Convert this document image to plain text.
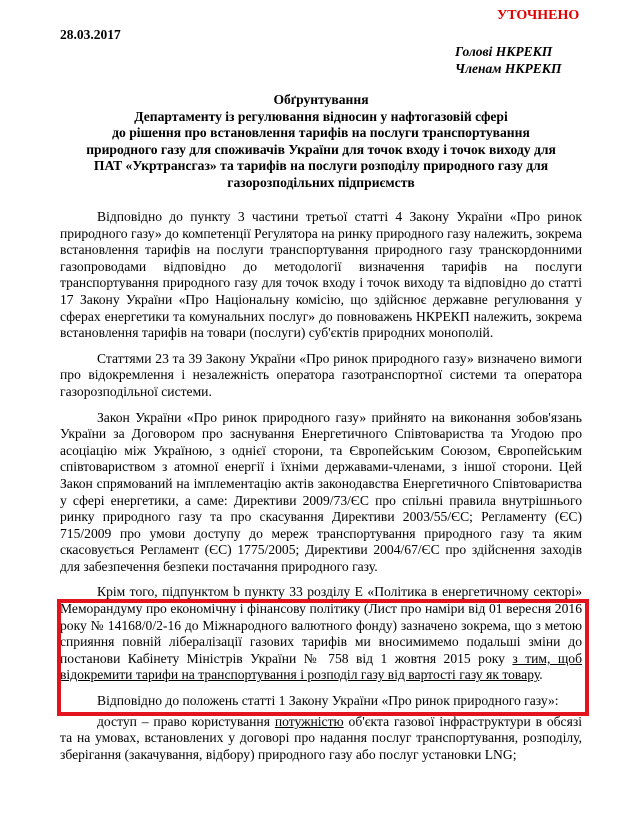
УТОЧНЕНО
28.03.2017
Голові НКРЕКП
Членам НКРЕКП
Обґрунтування
Департаменту із регулювання відносин у нафтогазовій сфері
до рішення про встановлення тарифів на послуги транспортування
природного газу для споживачів України для точок входу і точок виходу для
ПАТ «Укртрансгаз» та тарифів на послуги розподілу природного газу для
газорозподільних підприємств

Відповідно до пункту 3 частини третьої статті 4 Закону України «Про ринок природного газу» до компетенції Регулятора на ринку природного газу належить, зокрема встановлення тарифів на послуги транспортування природного газу транскордонними газопроводами відповідно до методології визначення тарифів на послуги транспортування природного газу для точок входу і точок виходу та відповідно до статті 17 Закону України «Про Національну комісію, що здійснює державне регулювання у сферах енергетики та комунальних послуг» до повноважень НКРЕКП належить, зокрема встановлення тарифів на товари (послуги) суб'єктів природних монополій.

Статтями 23 та 39 Закону України «Про ринок природного газу» визначено вимоги про відокремлення і незалежність оператора газотранспортної системи та оператора газорозподільної системи.

Закон України «Про ринок природного газу» прийнято на виконання зобов'язань України за Договором про заснування Енергетичного Співтовариства та Угодою про асоціацію між Україною, з однієї сторони, та Європейським Союзом, Європейським співтовариством з атомної енергії і їхніми державами-членами, з іншої сторони. Цей Закон спрямований на імплементацію актів законодавства Енергетичного Співтовариства у сфері енергетики, а саме: Директиви 2009/73/ЄС про спільні правила внутрішнього ринку природного газу та про скасування Директиви 2003/55/ЄС; Регламенту (ЄС) 715/2009 про умови доступу до мереж транспортування природного газу та яким скасовується Регламент (ЄС) 1775/2005; Директиви 2004/67/ЄС про здійснення заходів для забезпечення безпеки постачання природного газу.

Крім того, підпунктом b пункту 33 розділу Е «Політика в енергетичному секторі» Меморандуму про економічну і фінансову політику (Лист про наміри від 01 вересня 2016 року № 14168/0/2-16 до Міжнародного валютного фонду) зазначено зокрема, що з метою сприяння повній лібералізації газових тарифів ми вносимимемо подальші зміни до постанови Кабінету Міністрів України № 758 від 1 жовтня 2015 року з тим, щоб відокремити тарифи на транспортування і розподіл газу від вартості газу як товару.

Відповідно до положень статті 1 Закону України «Про ринок природного газу»:

доступ – право користування потужністю об'єкта газової інфраструктури в обсязі та на умовах, встановлених у договорі про надання послуг транспортування, розподілу, зберігання (закачування, відбору) природного газу або послуг установки LNG;
